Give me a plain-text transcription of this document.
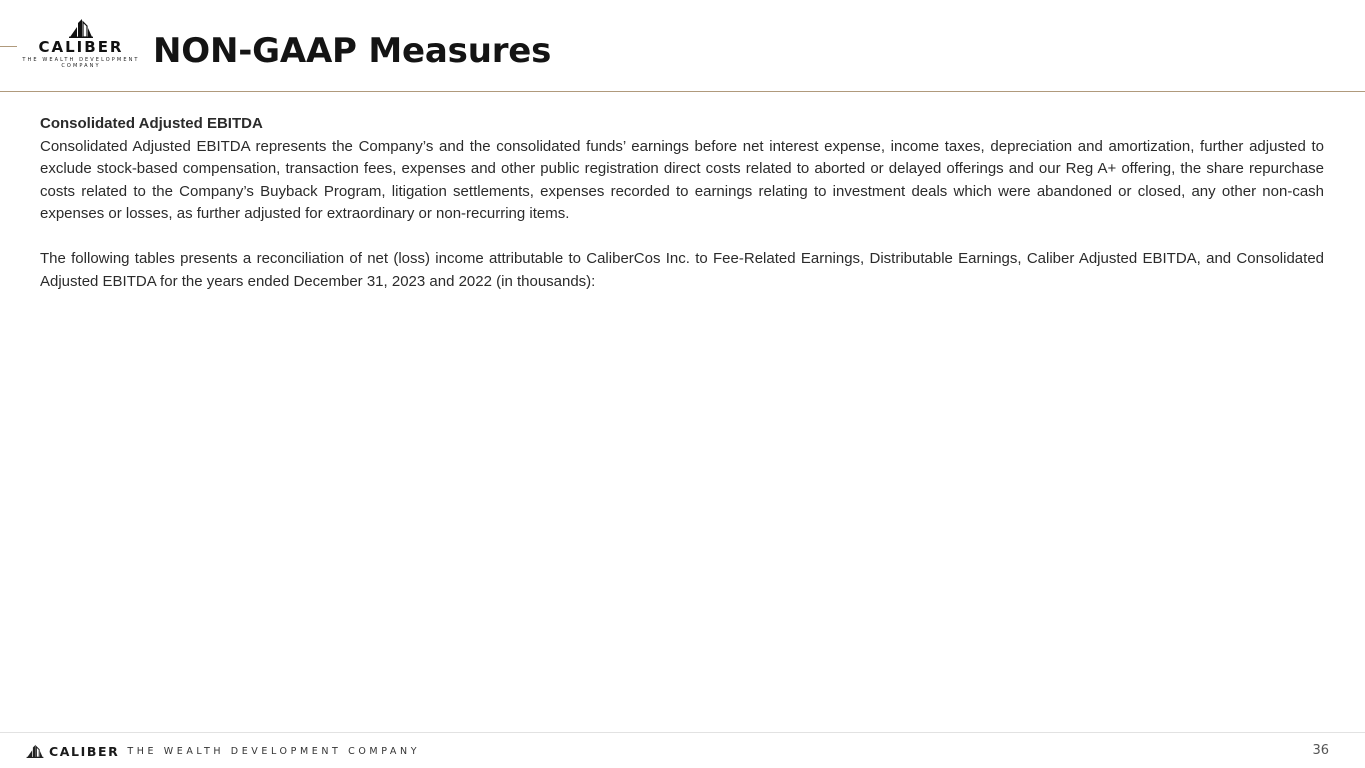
CALIBER
THE WEALTH DEVELOPMENT COMPANY	NON-GAAP Measures

Consolidated Adjusted EBITDA

Consolidated Adjusted EBITDA represents the Company’s and the consolidated funds’ earnings before net interest expense, income taxes, depreciation and amortization, further adjusted to exclude stock-based compensation, transaction fees, expenses and other public registration direct costs related to aborted or delayed offerings and our Reg A+ offering, the share repurchase costs related to the Company’s Buyback Program, litigation settlements, expenses recorded to earnings relating to investment deals which were abandoned or closed, any other non-cash expenses or losses, as further adjusted for extraordinary or non-recurring items.

The following tables presents a reconciliation of net (loss) income attributable to CaliberCos Inc. to Fee-Related Earnings, Distributable Earnings, Caliber Adjusted EBITDA, and Consolidated Adjusted EBITDA for the years ended December 31, 2023 and 2022 (in thousands):

CALIBER THE WEALTH DEVELOPMENT COMPANY	36
